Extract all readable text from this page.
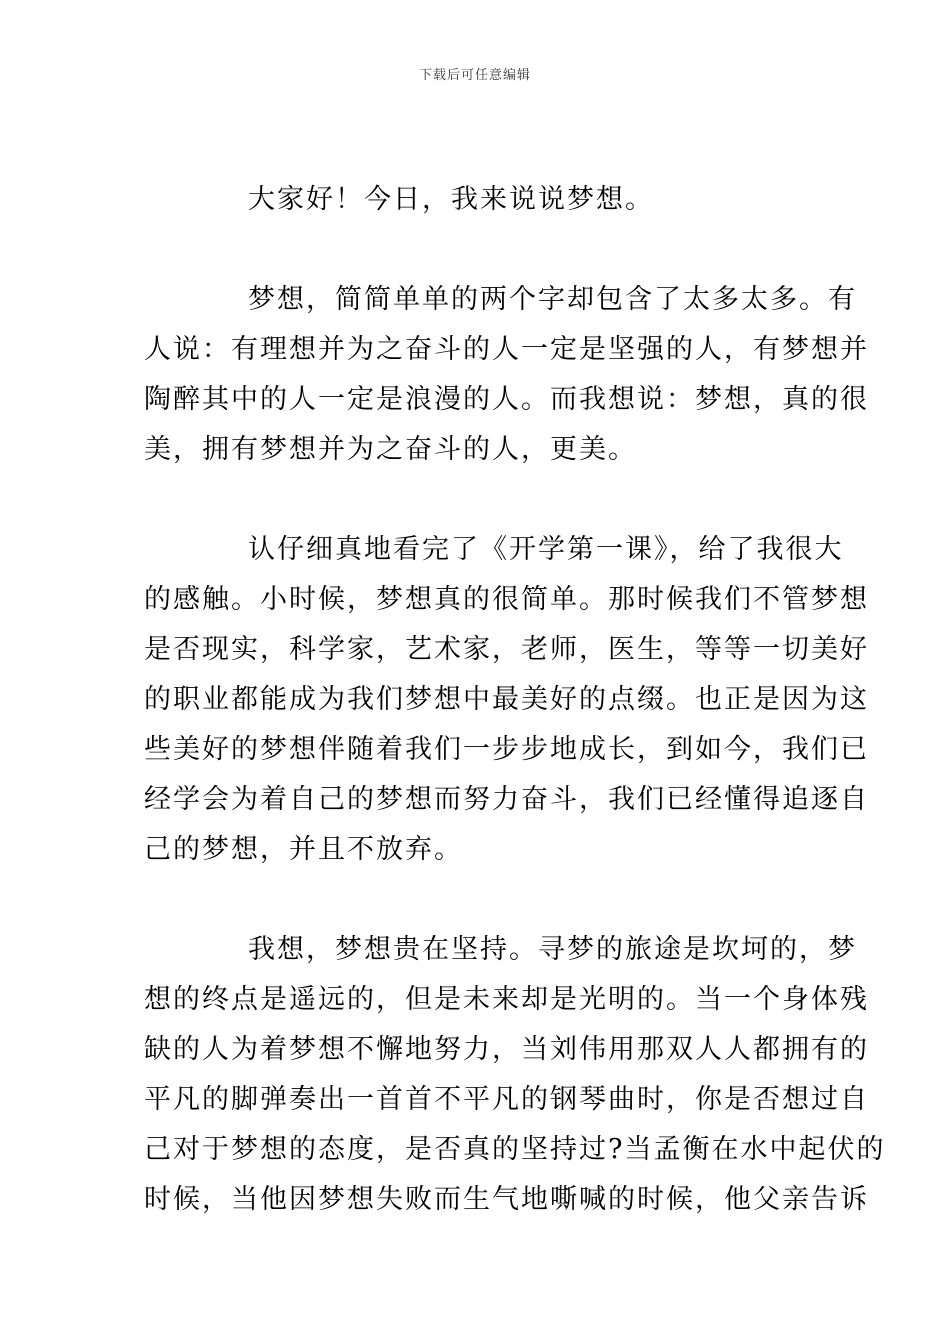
下载后可任意编辑
大家好！今日，我来说说梦想。
梦想，简简单单的两个字却包含了太多太多。有
人说：有理想并为之奋斗的人一定是坚强的人，有梦想并
陶醉其中的人一定是浪漫的人。而我想说：梦想，真的很
美，拥有梦想并为之奋斗的人，更美。
认仔细真地看完了《开学第一课》，给了我很大
的感触。小时候，梦想真的很简单。那时候我们不管梦想
是否现实，科学家，艺术家，老师，医生，等等一切美好
的职业都能成为我们梦想中最美好的点缀。也正是因为这
些美好的梦想伴随着我们一步步地成长，到如今，我们已
经学会为着自己的梦想而努力奋斗，我们已经懂得追逐自
己的梦想，并且不放弃。
我想，梦想贵在坚持。寻梦的旅途是坎坷的，梦
想的终点是遥远的，但是未来却是光明的。当一个身体残
缺的人为着梦想不懈地努力，当刘伟用那双人人都拥有的
平凡的脚弹奏出一首首不平凡的钢琴曲时，你是否想过自
己对于梦想的态度，是否真的坚持过?当孟衡在水中起伏的
时候，当他因梦想失败而生气地嘶喊的时候，他父亲告诉
